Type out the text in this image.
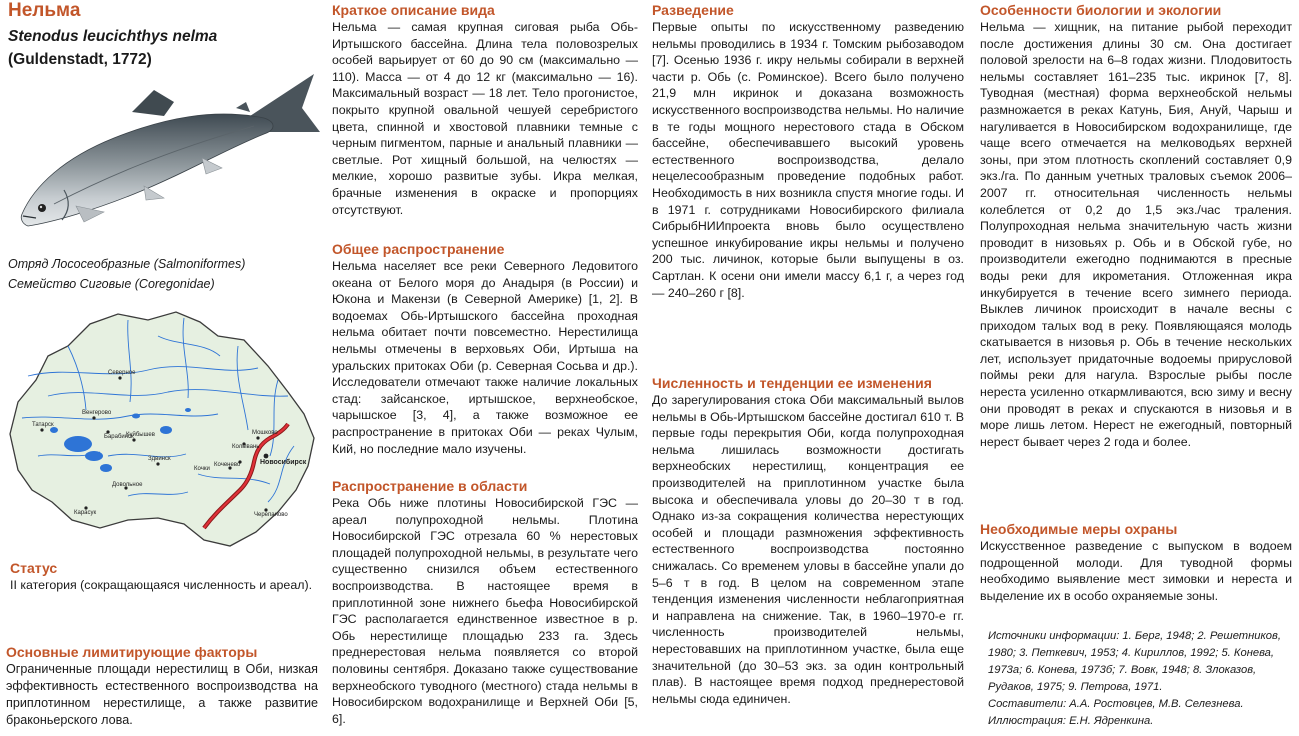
Нельма
Stenodus leucichthys nelma
(Guldenstadt, 1772)
Отряд Лососеобразные (Salmoniformes)
Семейство Сиговые (Coregonidae)
Татарск
Барабинск
Северное
Венгерово
Куйбышев
Здвинск
Довольное
Карасук
Кочки
Коченево
Колывань
Мошково
Новосибирск
Черепаново
Статус

II категория (сокращающаяся численность и ареал).

Основные лимитирующие факторы

Ограниченные площади нерестилищ в Оби, низкая эффективность естественного воспроизводства на приплотинном нерестилище, а также развитие браконьерского лова.

Краткое описание вида

Нельма — самая крупная сиговая рыба Обь-Иртышского бассейна. Длина тела половозрелых особей варьирует от 60 до 90 см (максимально — 110). Масса — от 4 до 12 кг (максимально — 16). Максимальный возраст — 18 лет. Тело прогонистое, покрыто крупной овальной чешуей серебристого цвета, спинной и хвостовой плавники темные с черным пигментом, парные и анальный плавники — светлые. Рот хищный большой, на челюстях — мелкие, хорошо развитые зубы. Икра мелкая, брачные изменения в окраске и пропорциях отсутствуют.

Общее распространение

Нельма населяет все реки Северного Ледовитого океана от Белого моря до Анадыря (в России) и Юкона и Макензи (в Северной Америке) [1, 2]. В водоемах Обь-Иртышского бассейна проходная нельма обитает почти повсеместно. Нерестилища нельмы отмечены в верховьях Оби, Иртыша на уральских притоках Оби (р. Северная Сосьва и др.). Исследователи отмечают также наличие локальных стад: зайсанское, иртышское, верхнеобское, чарышское [3, 4], а также возможное ее распространение в притоках Оби — реках Чулым, Кий, но последние мало изучены.

Распространение в области

Река Обь ниже плотины Новосибирской ГЭС — ареал полупроходной нельмы. Плотина Новосибирской ГЭС отрезала 60 % нерестовых площадей полупроходной нельмы, в результате чего существенно снизился объем естественного воспроизводства. В настоящее время в приплотинной зоне нижнего бьефа Новосибирской ГЭС располагается единственное известное в р. Обь нерестилище площадью 233 га. Здесь преднерестовая нельма появляется со второй половины сентября. Доказано также существование верхнеобского туводного (местного) стада нельмы в Новосибирском водохранилище и Верхней Оби [5, 6].

Разведение

Первые опыты по искусственному разведению нельмы проводились в 1934 г. Томским рыбозаводом [7]. Осенью 1936 г. икру нельмы собирали в верхней части р. Обь (с. Роминское). Всего было получено 21,9 млн икринок и доказана возможность искусственного воспроизводства нельмы. Но наличие в те годы мощного нерестового стада в Обском бассейне, обеспечивавшего высокий уровень естественного воспроизводства, делало нецелесообразным проведение подобных работ. Необходимость в них возникла спустя многие годы. И в 1971 г. сотрудниками Новосибирского филиала СибрыбНИИпроекта вновь было осуществлено успешное инкубирование икры нельмы и получено 200 тыс. личинок, которые были выпущены в оз. Сартлан. К осени они имели массу 6,1 г, а через год — 240–260 г [8].

Численность и тенденции ее изменения

До зарегулирования стока Оби максимальный вылов нельмы в Обь-Иртышском бассейне достигал 610 т. В первые годы перекрытия Оби, когда полупроходная нельма лишилась возможности достигать верхнеобских нерестилищ, концентрация ее производителей на приплотинном участке была высока и обеспечивала уловы до 20–30 т в год. Однако из-за сокращения количества нерестующих особей и площади размножения эффективность естественного воспроизводства постоянно снижалась. Со временем уловы в бассейне упали до 5–6 т в год. В целом на современном этапе тенденция изменения численности неблагоприятная и направлена на снижение. Так, в 1960–1970-е гг. численность производителей нельмы, нерестовавших на приплотинном участке, была еще значительной (до 30–53 экз. за один контрольный плав). В настоящее время подход преднерестовой нельмы сюда единичен.

Особенности биологии и экологии

Нельма — хищник, на питание рыбой переходит после достижения длины 30 см. Она достигает половой зрелости на 6–8 годах жизни. Плодовитость нельмы составляет 161–235 тыс. икринок [7, 8]. Туводная (местная) форма верхнеобской нельмы размножается в реках Катунь, Бия, Ануй, Чарыш и нагуливается в Новосибирском водохранилище, где чаще всего отмечается на мелководьях верхней зоны, при этом плотность скоплений составляет 0,9 экз./га. По данным учетных траловых съемок 2006–2007 гг. относительная численность нельмы колеблется от 0,2 до 1,5 экз./час траления. Полупроходная нельма значительную часть жизни проводит в низовьях р. Обь и в Обской губе, но производители ежегодно поднимаются в пресные воды реки для икрометания. Отложенная икра инкубируется в течение всего зимнего периода. Выклев личинок происходит в начале весны с приходом талых вод в реку. Появляющаяся молодь скатывается в низовья р. Обь в течение нескольких лет, использует придаточные водоемы прирусловой поймы реки для нагула. Взрослые рыбы после нереста усиленно откармливаются, всю зиму и весну они проводят в реках и спускаются в низовья и в море лишь летом. Нерест не ежегодный, повторный нерест бывает через 2 года и более.

Необходимые меры охраны

Искусственное разведение с выпуском в водоем подрощенной молоди. Для туводной формы необходимо выявление мест зимовки и нереста и выделение их в особо охраняемые зоны.

Источники информации: 1. Берг, 1948; 2. Решетников, 1980; 3. Петкевич, 1953; 4. Кириллов, 1992; 5. Конева, 1973а; 6. Конева, 1973б; 7. Вовк, 1948; 8. Злоказов, Рудаков, 1975; 9. Петрова, 1971.
Составители: А.А. Ростовцев, М.В. Селезнева.
Иллюстрация: Е.Н. Ядренкина.
